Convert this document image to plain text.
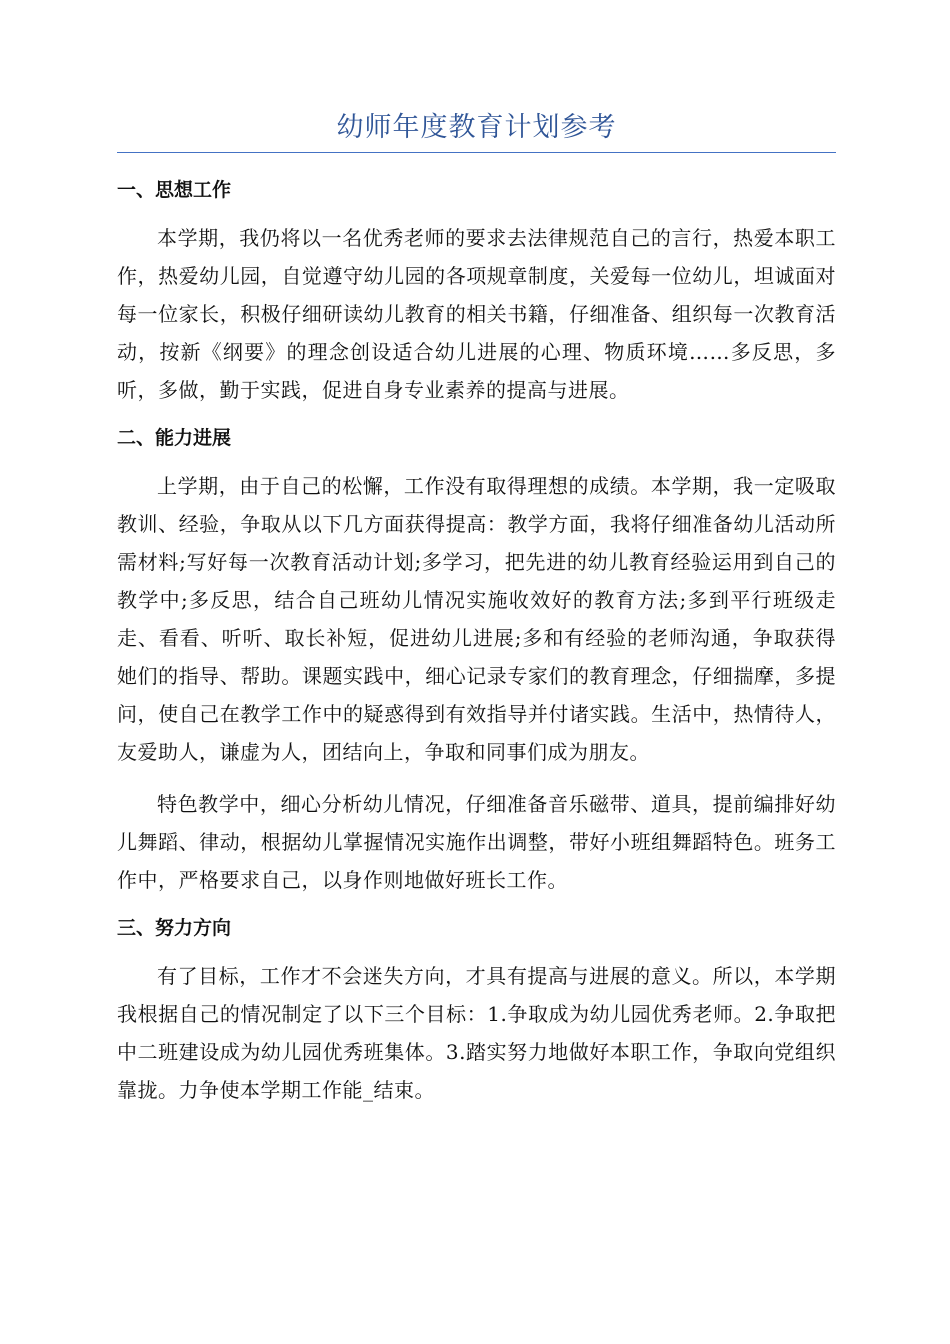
幼师年度教育计划参考
一、思想工作

本学期，我仍将以一名优秀老师的要求去法律规范自己的言行，热爱本职工作，热爱幼儿园，自觉遵守幼儿园的各项规章制度，关爱每一位幼儿，坦诚面对每一位家长，积极仔细研读幼儿教育的相关书籍，仔细准备、组织每一次教育活动，按新《纲要》的理念创设适合幼儿进展的心理、物质环境……多反思，多听，多做，勤于实践，促进自身专业素养的提高与进展。

二、能力进展

上学期，由于自己的松懈，工作没有取得理想的成绩。本学期，我一定吸取教训、经验，争取从以下几方面获得提高：教学方面，我将仔细准备幼儿活动所需材料;写好每一次教育活动计划;多学习，把先进的幼儿教育经验运用到自己的教学中;多反思，结合自己班幼儿情况实施收效好的教育方法;多到平行班级走走、看看、听听、取长补短，促进幼儿进展;多和有经验的老师沟通，争取获得她们的指导、帮助。课题实践中，细心记录专家们的教育理念，仔细揣摩，多提问，使自己在教学工作中的疑惑得到有效指导并付诸实践。生活中，热情待人，友爱助人，谦虚为人，团结向上，争取和同事们成为朋友。

特色教学中，细心分析幼儿情况，仔细准备音乐磁带、道具，提前编排好幼儿舞蹈、律动，根据幼儿掌握情况实施作出调整，带好小班组舞蹈特色。班务工作中，严格要求自己，以身作则地做好班长工作。

三、努力方向

有了目标，工作才不会迷失方向，才具有提高与进展的意义。所以，本学期我根据自己的情况制定了以下三个目标：1.争取成为幼儿园优秀老师。2.争取把中二班建设成为幼儿园优秀班集体。3.踏实努力地做好本职工作，争取向党组织靠拢。力争使本学期工作能_结束。
